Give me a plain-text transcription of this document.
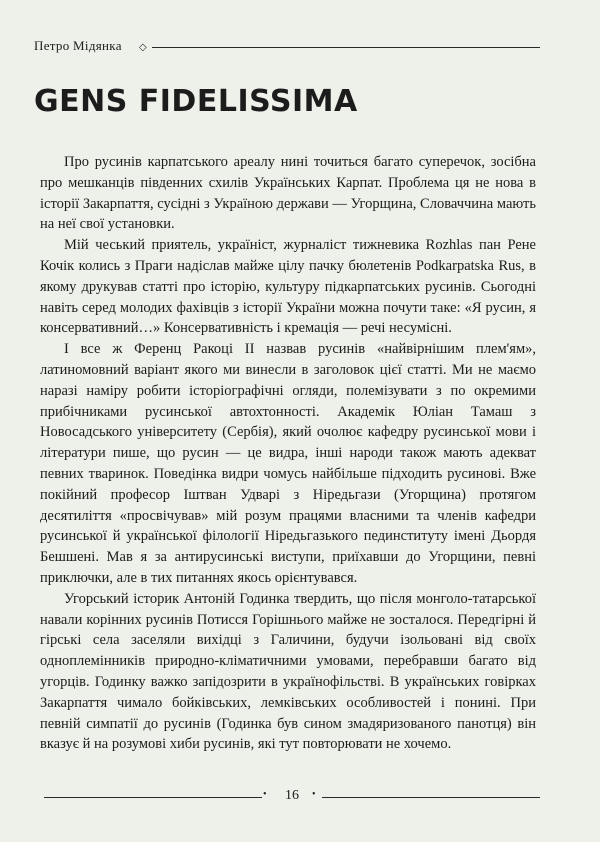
Петро Мідянка ◇
GENS FIDELISSIMA

Про русинів карпатського ареалу нині точиться багато суперечок, зосібна про мешканців південних схилів Українських Карпат. Проблема ця не нова в історії Закарпаття, сусідні з Україною держави — Угорщина, Словаччина мають на неї свої установки.

Мій чеський приятель, україніст, журналіст тижневика Rozhlas пан Рене Кочік колись з Праги надіслав майже цілу пачку бюлетенів Podkarpatska Rus, в якому друкував статті про історію, культуру підкарпатських русинів. Сьогодні навіть серед молодих фахівців з історії України можна почути таке: «Я русин, я консервативний…» Консервативність і кремація — речі несумісні.

І все ж Ференц Ракоці II назвав русинів «найвірнішим плем'ям», латиномовний варіант якого ми винесли в заголовок цієї статті. Ми не маємо наразі наміру робити історіографічні огляди, полемізувати з по окремими прибічниками русинської автохтонності. Академік Юліан Тамаш з Новосадського університету (Сербія), який очолює кафедру русинської мови і літератури пише, що русин — це видра, інші народи також мають адекват певних тваринок. Поведінка видри чомусь найбільше підходить русинові. Вже покійний професор Іштван Удварі з Ніредьгази (Угорщина) протягом десятиліття «просвічував» мій розум працями власними та членів кафедри русинської й української філології Ніредьгазького пединституту імені Дьордя Бешшені. Мав я за антирусинські виступи, приїхавши до Угорщини, певні приключки, але в тих питаннях якось орієнтувався.

Угорський історик Антоній Годинка твердить, що після монголо-татарської навали корінних русинів Потисся Горішнього майже не зосталося. Передгірні й гірські села заселяли вихідці з Галичини, будучи ізольовані від своїх одноплемінників природно-кліматичними умовами, перебравши багато від угорців. Годинку важко запідозрити в українофільстві. В українських говірках Закарпаття чимало бойківських, лемківських особливостей і понині. При певній симпатії до русинів (Годинка був сином змадяризованого панотця) він вказує й на розумові хиби русинів, які тут повторювати не хочемо.

•	16	•
